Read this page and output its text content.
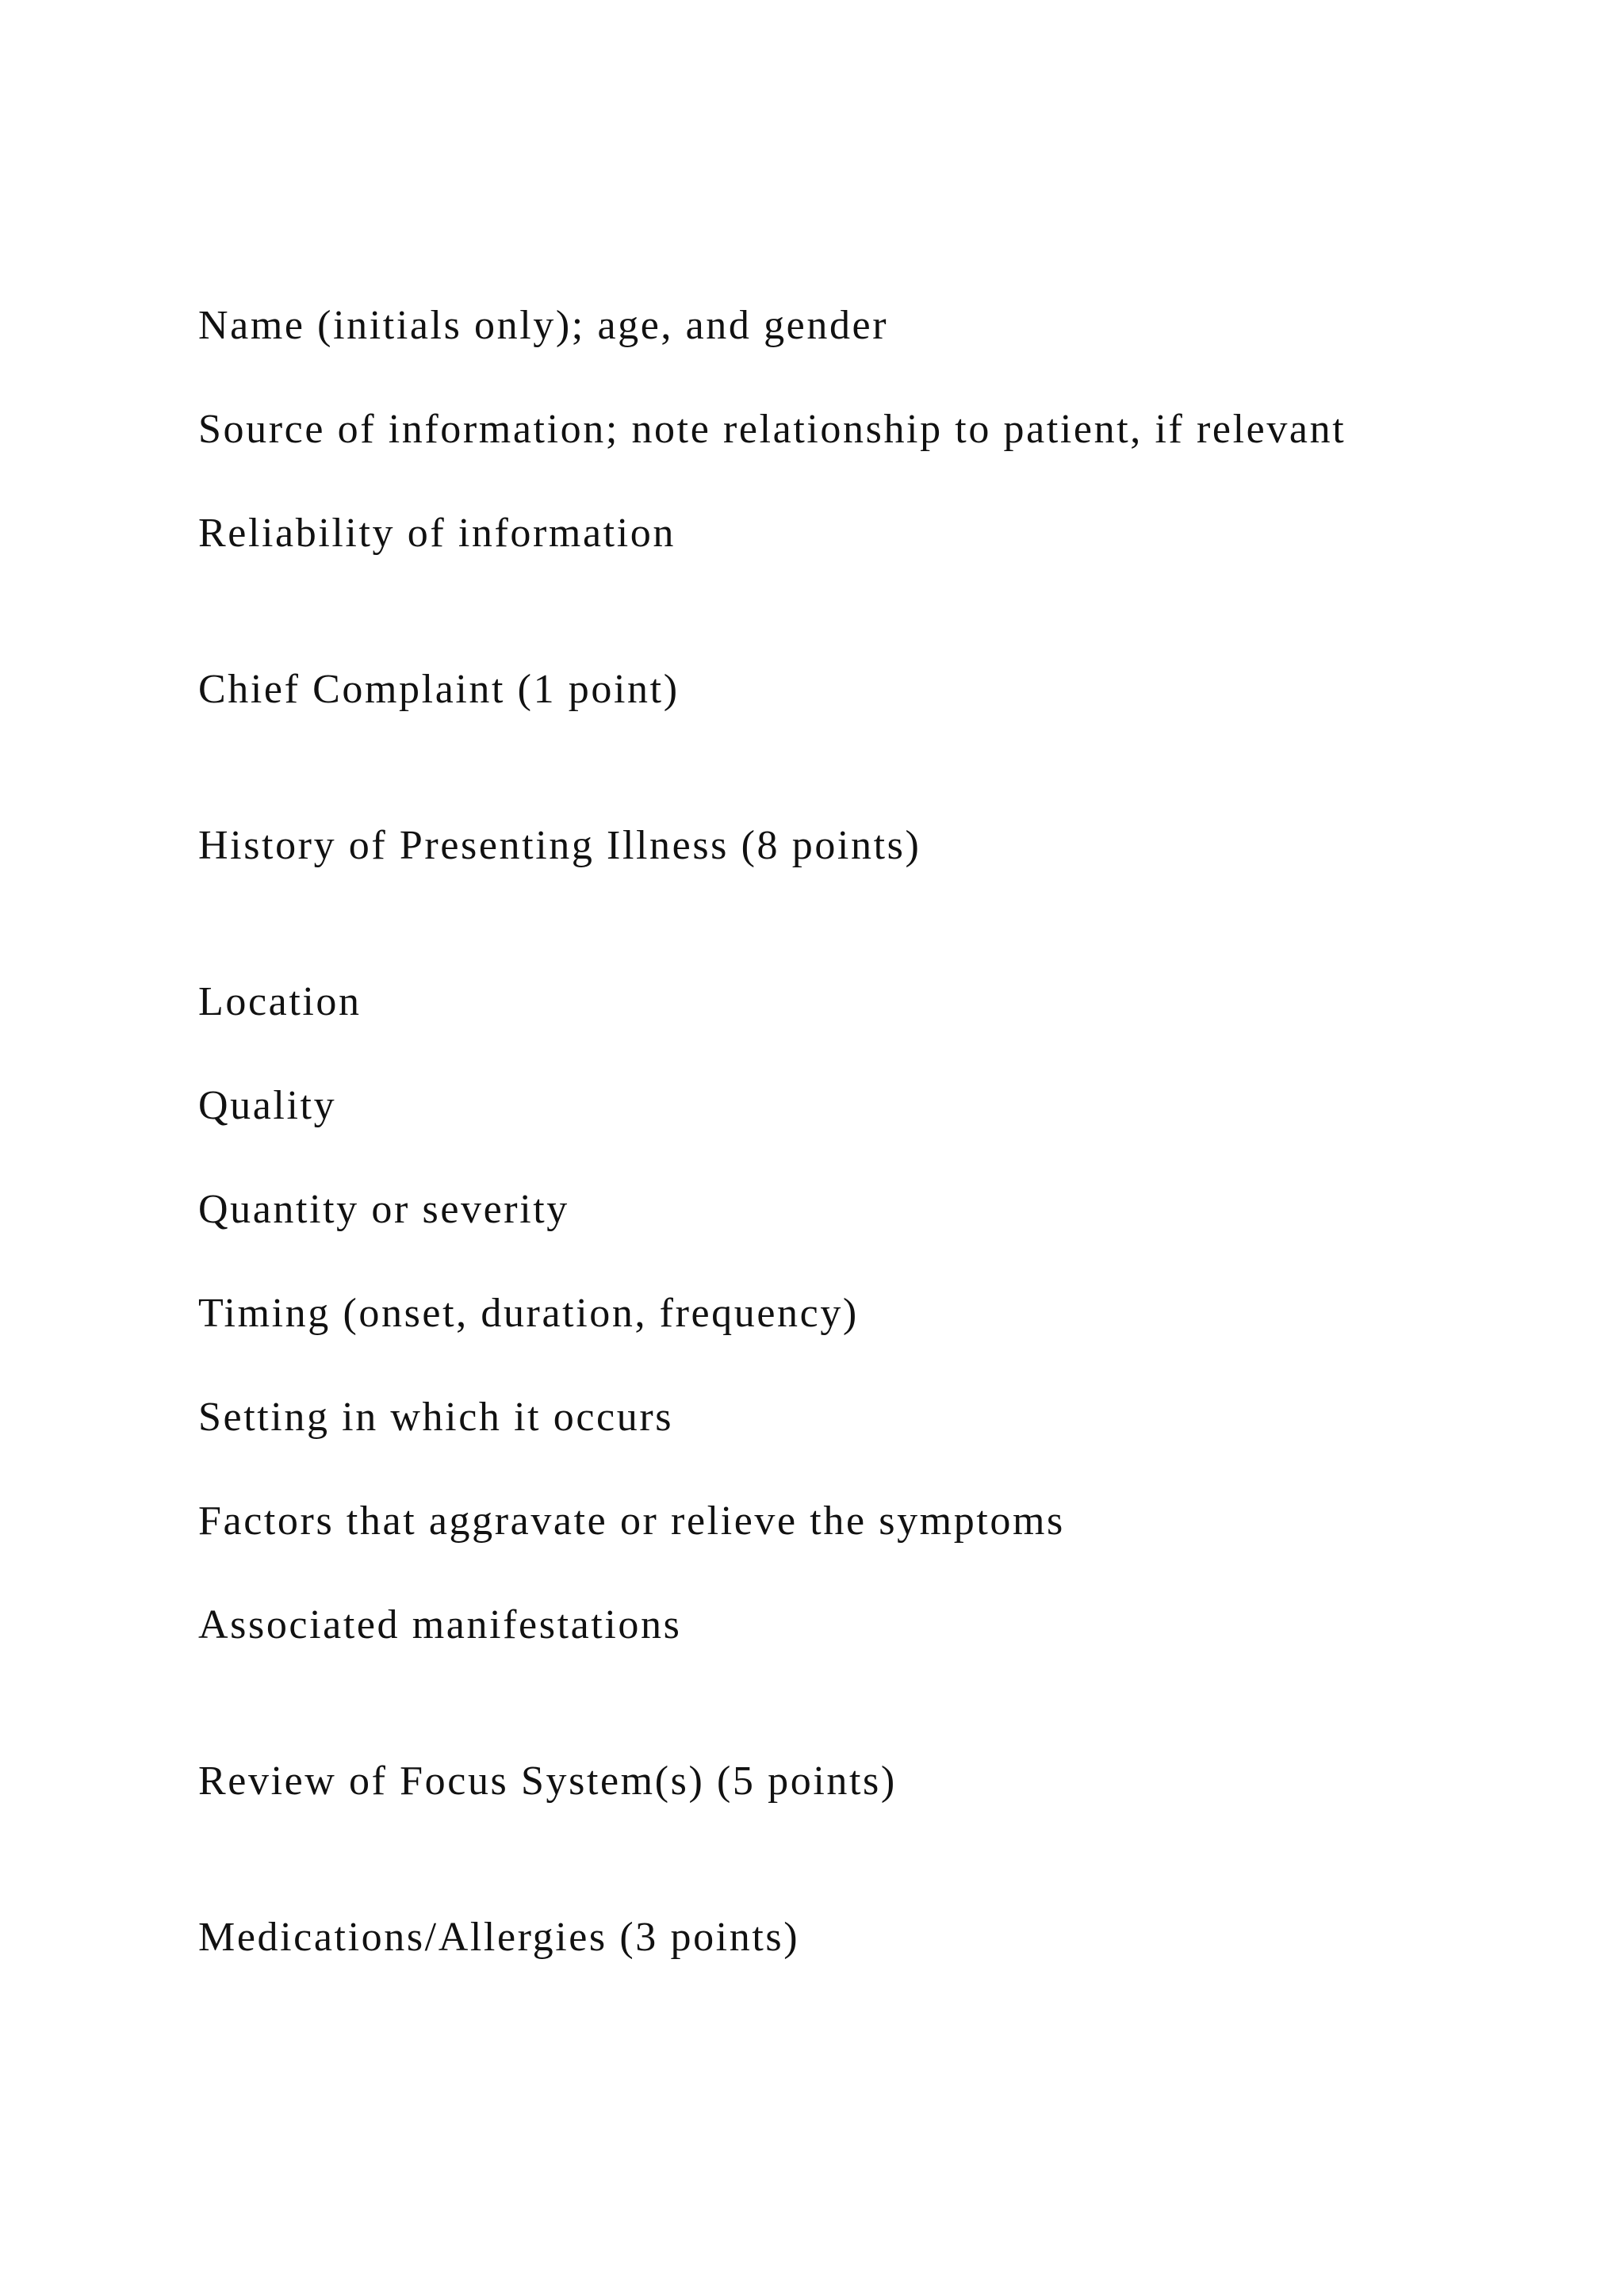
Name (initials only); age, and gender

Source of information; note relationship to patient, if relevant

Reliability of information

Chief Complaint (1 point)

History of Presenting Illness (8 points)

Location

Quality

Quantity or severity

Timing (onset, duration, frequency)

Setting in which it occurs

Factors that aggravate or relieve the symptoms

Associated manifestations

Review of Focus System(s) (5 points)

Medications/Allergies (3 points)
